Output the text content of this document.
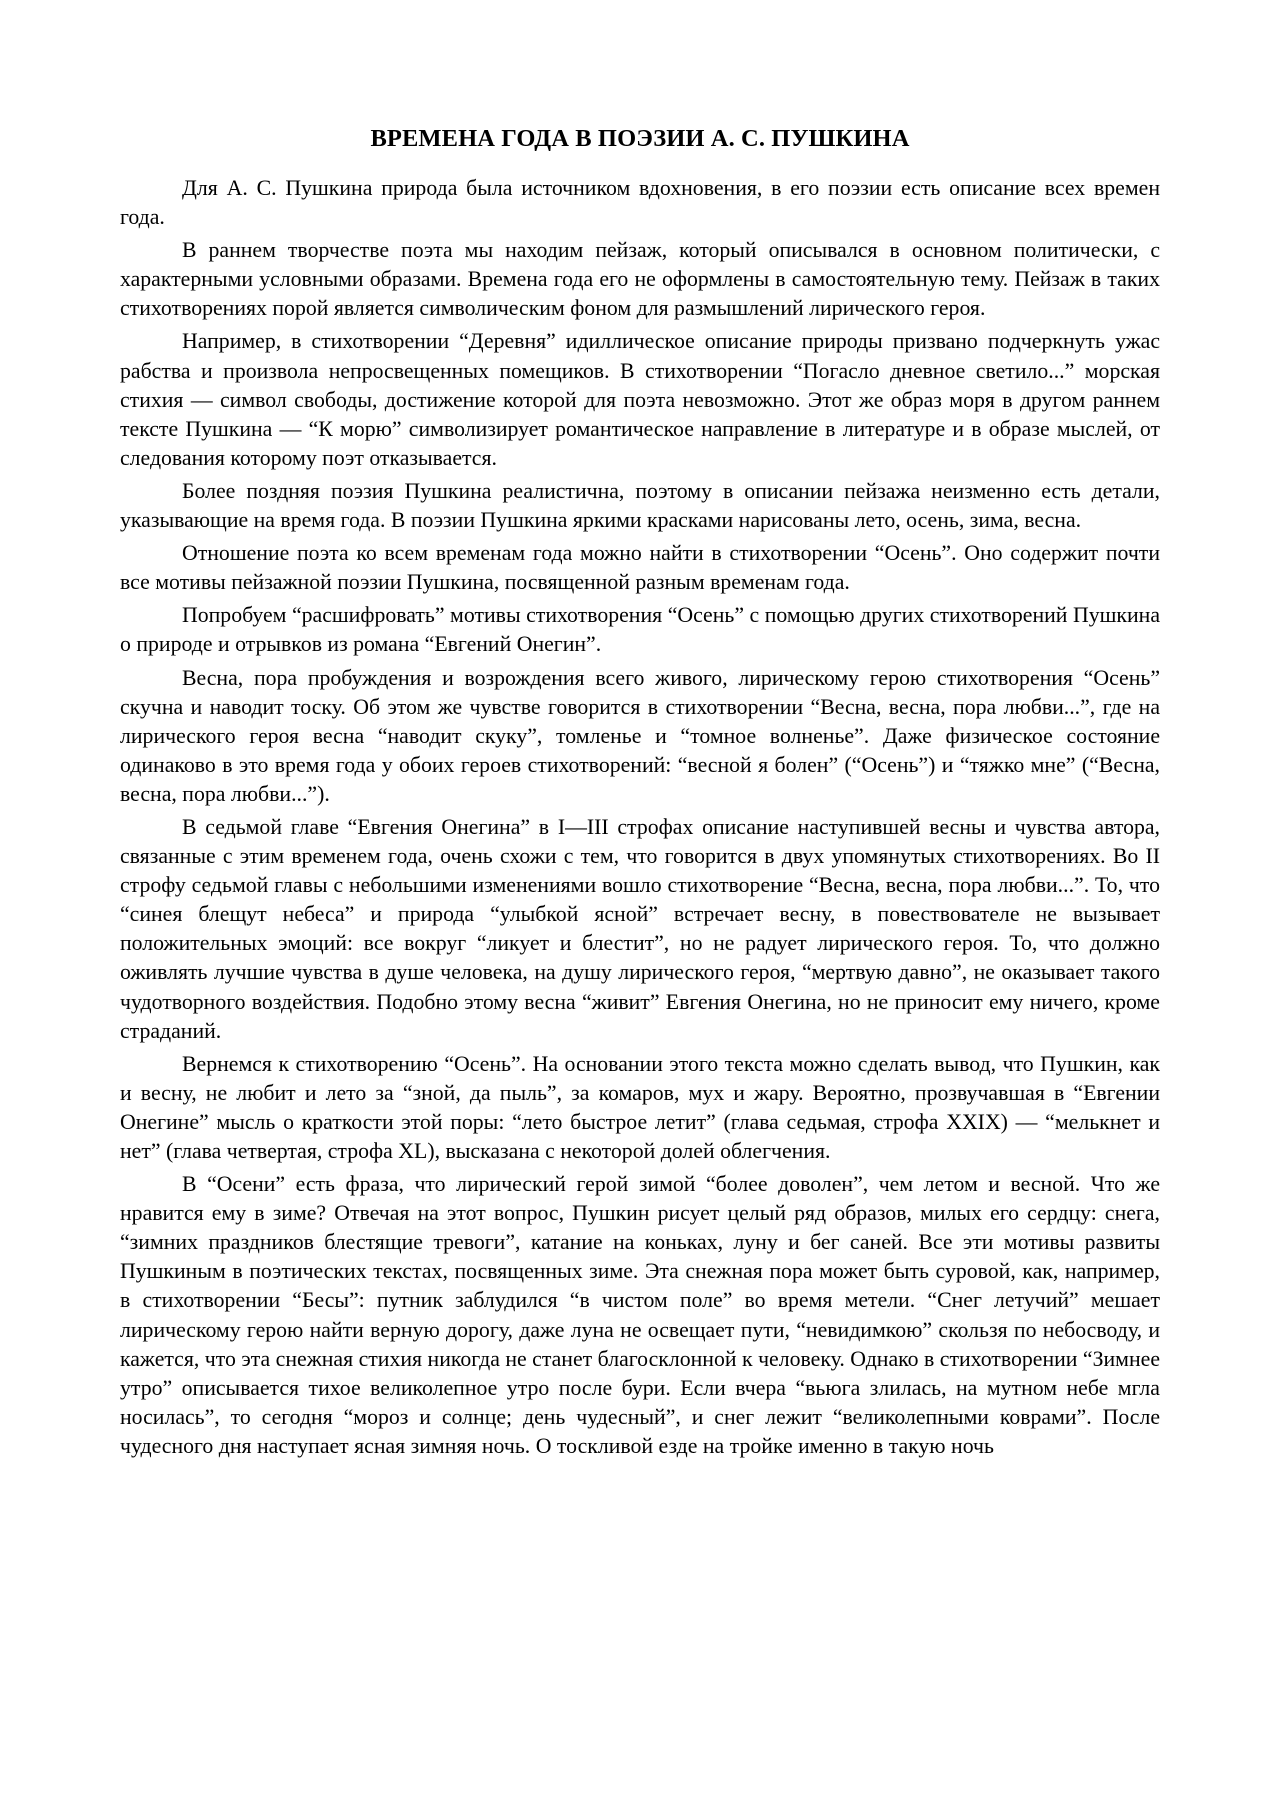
ВРЕМЕНА ГОДА В ПОЭЗИИ А. С. ПУШКИНА

Для А. С. Пушкина природа была источником вдохновения, в его поэзии есть описание всех времен года.

В раннем творчестве поэта мы находим пейзаж, который описывался в основном политически, с характерными условными образами. Времена года его не оформлены в самостоятельную тему. Пейзаж в таких стихотворениях порой является символическим фоном для размышлений лирического героя.

Например, в стихотворении “Деревня” идиллическое описание природы призвано подчеркнуть ужас рабства и произвола непросвещенных помещиков. В стихотворении “Погасло дневное светило...” морская стихия — символ свободы, достижение которой для поэта невозможно. Этот же образ моря в другом раннем тексте Пушкина — “К морю” символизирует романтическое направление в литературе и в образе мыслей, от следования которому поэт отказывается.

Более поздняя поэзия Пушкина реалистична, поэтому в описании пейзажа неизменно есть детали, указывающие на время года. В поэзии Пушкина яркими красками нарисованы лето, осень, зима, весна.

Отношение поэта ко всем временам года можно найти в стихотворении “Осень”. Оно содержит почти все мотивы пейзажной поэзии Пушкина, посвященной разным временам года.

Попробуем “расшифровать” мотивы стихотворения “Осень” с помощью других стихотворений Пушкина о природе и отрывков из романа “Евгений Онегин”.

Весна, пора пробуждения и возрождения всего живого, лирическому герою стихотворения “Осень” скучна и наводит тоску. Об этом же чувстве говорится в стихотворении “Весна, весна, пора любви...”, где на лирического героя весна “наводит скуку”, томленье и “томное волненье”. Даже физическое состояние одинаково в это время года у обоих героев стихотворений: “весной я болен” (“Осень”) и “тяжко мне” (“Весна, весна, пора любви...”).

В седьмой главе “Евгения Онегина” в I—III строфах описание наступившей весны и чувства автора, связанные с этим временем года, очень схожи с тем, что говорится в двух упомянутых стихотворениях. Во II строфу седьмой главы с небольшими изменениями вошло стихотворение “Весна, весна, пора любви...”. То, что “синея блещут небеса” и природа “улыбкой ясной” встречает весну, в повествователе не вызывает положительных эмоций: все вокруг “ликует и блестит”, но не радует лирического героя. То, что должно оживлять лучшие чувства в душе человека, на душу лирического героя, “мертвую давно”, не оказывает такого чудотворного воздействия. Подобно этому весна “живит” Евгения Онегина, но не приносит ему ничего, кроме страданий.

Вернемся к стихотворению “Осень”. На основании этого текста можно сделать вывод, что Пушкин, как и весну, не любит и лето за “зной, да пыль”, за комаров, мух и жару. Вероятно, прозвучавшая в “Евгении Онегине” мысль о краткости этой поры: “лето быстрое летит” (глава седьмая, строфа XXIX) — “мелькнет и нет” (глава четвертая, строфа XL), высказана с некоторой долей облегчения.

В “Осени” есть фраза, что лирический герой зимой “более доволен”, чем летом и весной. Что же нравится ему в зиме? Отвечая на этот вопрос, Пушкин рисует целый ряд образов, милых его сердцу: снега, “зимних праздников блестящие тревоги”, катание на коньках, луну и бег саней. Все эти мотивы развиты Пушкиным в поэтических текстах, посвященных зиме. Эта снежная пора может быть суровой, как, например, в стихотворении “Бесы”: путник заблудился “в чистом поле” во время метели. “Снег летучий” мешает лирическому герою найти верную дорогу, даже луна не освещает пути, “невидимкою” скользя по небосводу, и кажется, что эта снежная стихия никогда не станет благосклонной к человеку. Однако в стихотворении “Зимнее утро” описывается тихое великолепное утро после бури. Если вчера “вьюга злилась, на мутном небе мгла носилась”, то сегодня “мороз и солнце; день чудесный”, и снег лежит “великолепными коврами”. После чудесного дня наступает ясная зимняя ночь. О тоскливой езде на тройке именно в такую ночь
